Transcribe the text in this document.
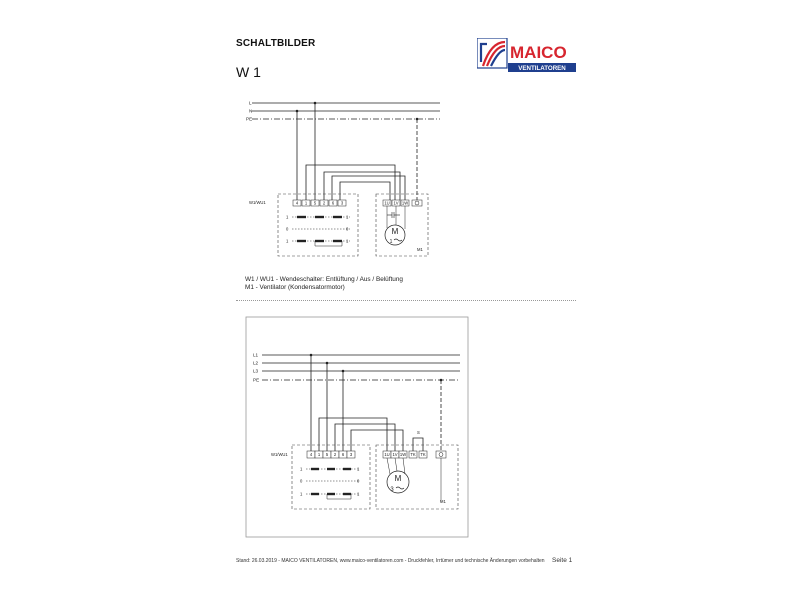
SCHALTBILDER
W 1
MAICO
VENTILATOREN
4 1 5 2 6 3	1U 1V 1W
1
0
1
1
0
1
M
1
M1
L
N
PE
W1/WU1
W1 / WU1 - Wendeschalter: Entlüftung / Aus / Belüftung
M1 - Ventilator (Kondensatormotor)
4 1 5 2 6 3	1U 1V 1W TK TK
S
1
0
1
1
0
1
M
3
M1
L1
L2
L3
PE
W1/WU1
Stand: 26.03.2019 - MAICO VENTILATOREN, www.maico-ventilatoren.com - Druckfehler, Irrtümer und technische Änderungen vorbehalten Seite 1
